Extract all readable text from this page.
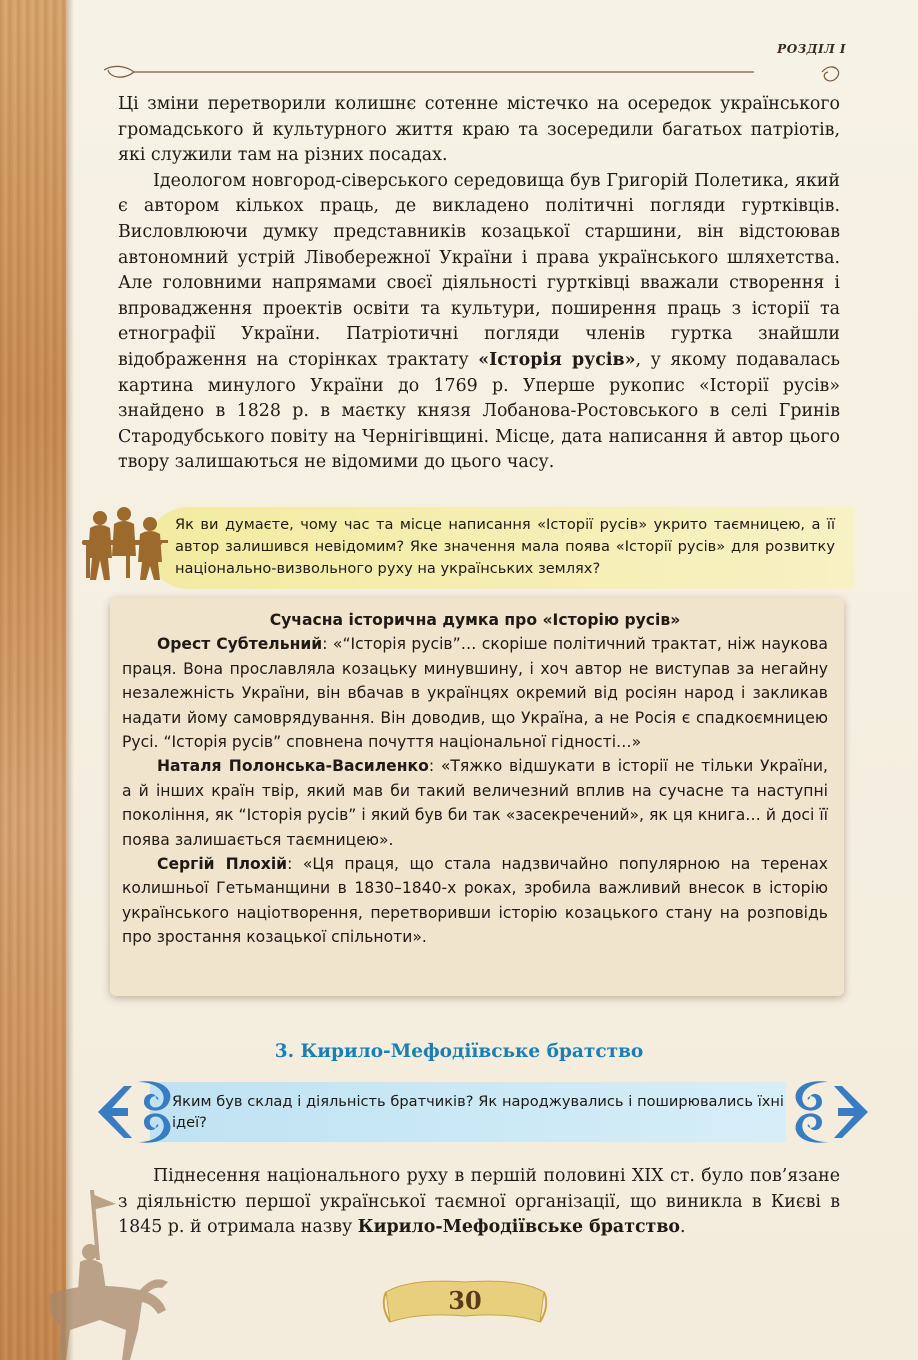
РОЗДІЛ І

Ці зміни перетворили колишнє сотенне містечко на осередок українського громадського й культурного життя краю та зосередили багатьох патріотів, які служили там на різних посадах.

Ідеологом новгород-сіверського середовища був Григорій Полетика, який є автором кількох праць, де викладено політичні погляди гуртківців. Висловлюючи думку представників козацької старшини, він відстоював автономний устрій Лівобережної України і права українського шляхетства. Але головними напрямами своєї діяльності гуртківці вважали створення і впровадження проектів освіти та культури, поширення праць з історії та етнографії України. Патріотичні погляди членів гуртка знайшли відображення на сторінках трактату «Історія русів», у якому подавалась картина минулого України до 1769 р. Уперше рукопис «Історії русів» знайдено в 1828 р. в маєтку князя Лобанова-Ростовського в селі Гринів Стародубського повіту на Чернігівщині. Місце, дата написання й автор цього твору залишаються не відомими до цього часу.

Як ви думаєте, чому час та місце написання «Історії русів» укрито таємницею, а її автор залишився невідомим? Яке значення мала поява «Історії русів» для розвитку національно-визвольного руху на українських землях?

Сучасна історична думка про «Історію русів»

Орест Субтельний: «“Історія русів”… скоріше політичний трактат, ніж наукова праця. Вона прославляла козацьку минувшину, і хоч автор не виступав за негайну незалежність України, він вбачав в українцях окремий від росіян народ і закликав надати йому самоврядування. Він доводив, що Україна, а не Росія є спадкоємницею Русі. “Історія русів” сповнена почуття національної гідності…»

Наталя Полонська-Василенко: «Тяжко відшукати в історії не тільки України, а й інших країн твір, який мав би такий величезний вплив на сучасне та наступні покоління, як “Історія русів” і який був би так «засекречений», як ця книга… й досі її поява залишається таємницею».

Сергій Плохій: «Ця праця, що стала надзвичайно популярною на теренах колишньої Гетьманщини в 1830–1840-х роках, зробила важливий внесок в історію українського націотворення, перетворивши історію козацького стану на розповідь про зростання козацької спільноти».

3. Кирило-Мефодіївське братство
Яким був склад і діяльність братчиків? Як народжувались і поширювались їхні ідеї?

Піднесення національного руху в першій половині XIX ст. було пов’язане з діяльністю першої української таємної організації, що виникла в Києві в 1845 р. й отримала назву Кирило-Мефодіївське братство.

30
